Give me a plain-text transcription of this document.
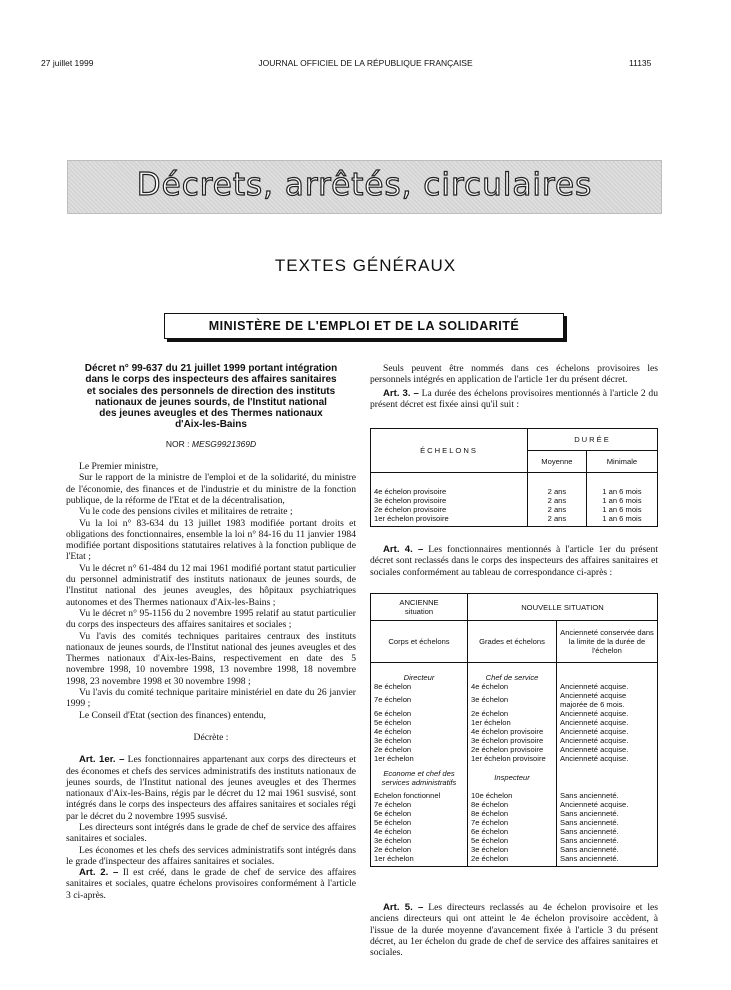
27 juillet 1999	JOURNAL OFFICIEL DE LA RÉPUBLIQUE FRANÇAISE	11135
Décrets, arrêtés, circulaires
TEXTES GÉNÉRAUX
MINISTÈRE DE L'EMPLOI ET DE LA SOLIDARITÉ
Décret n° 99-637 du 21 juillet 1999 portant intégration
dans le corps des inspecteurs des affaires sanitaires
et sociales des personnels de direction des instituts
nationaux de jeunes sourds, de l'Institut national
des jeunes aveugles et des Thermes nationaux
d'Aix-les-Bains
NOR : MESG9921369D

Le Premier ministre,

Sur le rapport de la ministre de l'emploi et de la solidarité, du ministre de l'économie, des finances et de l'industrie et du ministre de la fonction publique, de la réforme de l'Etat et de la décentralisation,

Vu le code des pensions civiles et militaires de retraite ;

Vu la loi n° 83-634 du 13 juillet 1983 modifiée portant droits et obligations des fonctionnaires, ensemble la loi n° 84-16 du 11 janvier 1984 modifiée portant dispositions statutaires relatives à la fonction publique de l'Etat ;

Vu le décret n° 61-484 du 12 mai 1961 modifié portant statut particulier du personnel administratif des instituts nationaux de jeunes sourds, de l'Institut national des jeunes aveugles, des hôpitaux psychiatriques autonomes et des Thermes nationaux d'Aix-les-Bains ;

Vu le décret n° 95-1156 du 2 novembre 1995 relatif au statut particulier du corps des inspecteurs des affaires sanitaires et sociales ;

Vu l'avis des comités techniques paritaires centraux des instituts nationaux de jeunes sourds, de l'Institut national des jeunes aveugles et des Thermes nationaux d'Aix-les-Bains, respectivement en date des 5 novembre 1998, 10 novembre 1998, 13 novembre 1998, 18 novembre 1998, 23 novembre 1998 et 30 novembre 1998 ;

Vu l'avis du comité technique paritaire ministériel en date du 26 janvier 1999 ;

Le Conseil d'Etat (section des finances) entendu,

Décrète :

Art. 1er. – Les fonctionnaires appartenant aux corps des directeurs et des économes et chefs des services administratifs des instituts nationaux de jeunes sourds, de l'Institut national des jeunes aveugles et des Thermes nationaux d'Aix-les-Bains, régis par le décret du 12 mai 1961 susvisé, sont intégrés dans le corps des inspecteurs des affaires sanitaires et sociales régi par le décret du 2 novembre 1995 susvisé.

Les directeurs sont intégrés dans le grade de chef de service des affaires sanitaires et sociales.

Les économes et les chefs des services administratifs sont intégrés dans le grade d'inspecteur des affaires sanitaires et sociales.

Art. 2. – Il est créé, dans le grade de chef de service des affaires sanitaires et sociales, quatre échelons provisoires conformément à l'article 3 ci-après.

Seuls peuvent être nommés dans ces échelons provisoires les personnels intégrés en application de l'article 1er du présent décret.

Art. 3. – La durée des échelons provisoires mentionnés à l'article 2 du présent décret est fixée ainsi qu'il suit :

ÉCHELONS	DURÉE	
	Moyenne	Minimale

4e échelon provisoire	2 ans	1 an 6 mois
3e échelon provisoire	2 ans	1 an 6 mois
2e échelon provisoire	2 ans	1 an 6 mois
1er échelon provisoire	2 ans	1 an 6 mois

Art. 4. – Les fonctionnaires mentionnés à l'article 1er du présent décret sont reclassés dans le corps des inspecteurs des affaires sanitaires et sociales conformément au tableau de correspondance ci-après :

ANCIENNE
situation	NOUVELLE SITUATION	
Corps et échelons	Grades et échelons	Ancienneté conservée dans la limite de la durée de l'échelon

Directeur	Chef de service	
8e échelon	4e échelon	Ancienneté acquise.
7e échelon	3e échelon	Ancienneté acquise majorée de 6 mois.
6e échelon	2e échelon	Ancienneté acquise.
5e échelon	1er échelon	Ancienneté acquise.
4e échelon	4e échelon provisoire	Ancienneté acquise.
3e échelon	3e échelon provisoire	Ancienneté acquise.
2e échelon	2e échelon provisoire	Ancienneté acquise.
1er échelon	1er échelon provisoire	Ancienneté acquise.

Econome et chef des services administratifs	Inspecteur	

Echelon fonctionnel	10e échelon	Sans ancienneté.
7e échelon	8e échelon	Ancienneté acquise.
6e échelon	8e échelon	Sans ancienneté.
5e échelon	7e échelon	Sans ancienneté.
4e échelon	6e échelon	Sans ancienneté.
3e échelon	5e échelon	Sans ancienneté.
2e échelon	3e échelon	Sans ancienneté.
1er échelon	2e échelon	Sans ancienneté.

Art. 5. – Les directeurs reclassés au 4e échelon provisoire et les anciens directeurs qui ont atteint le 4e échelon provisoire accèdent, à l'issue de la durée moyenne d'avancement fixée à l'article 3 du présent décret, au 1er échelon du grade de chef de service des affaires sanitaires et sociales.
